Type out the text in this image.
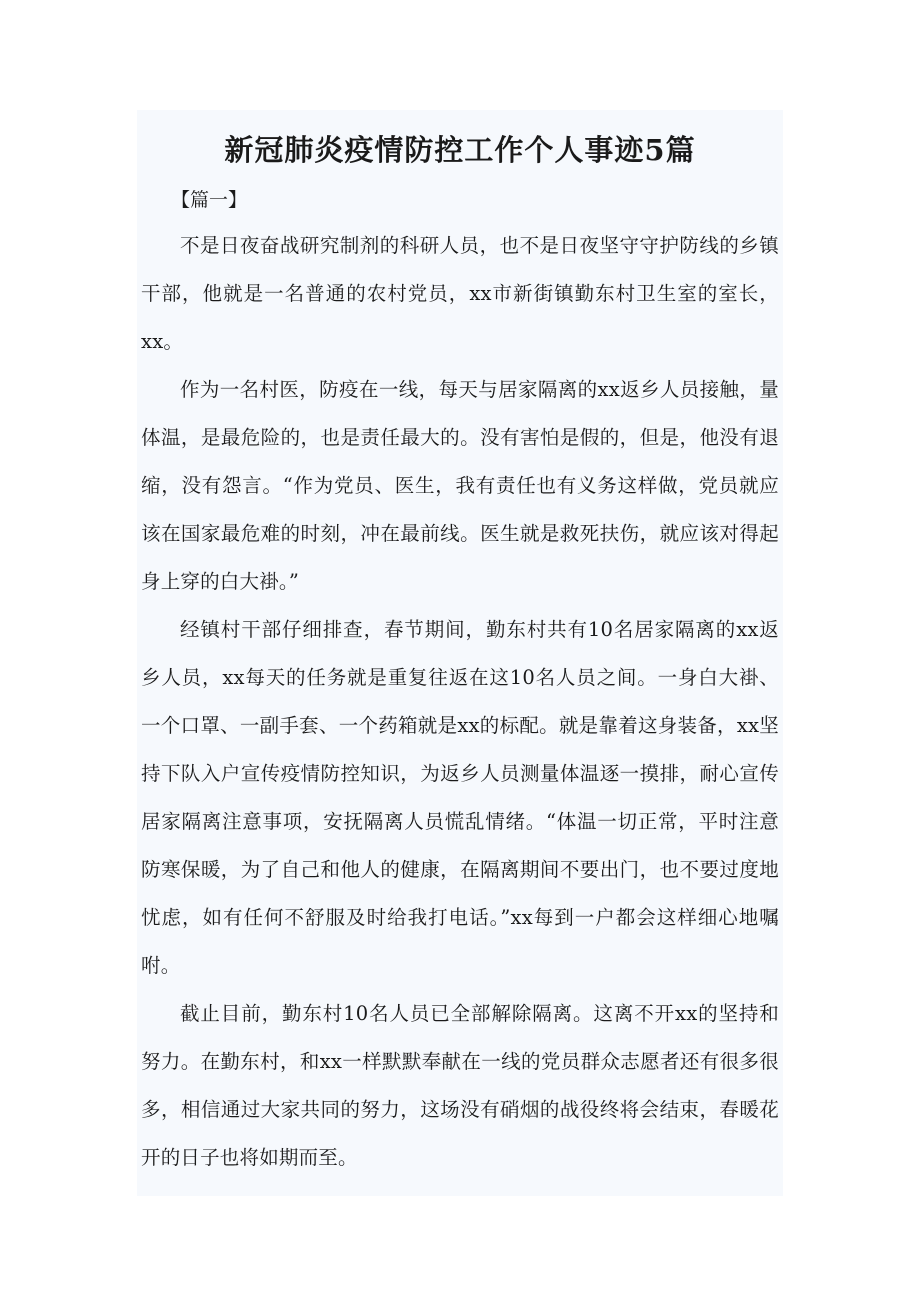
新冠肺炎疫情防控工作个人事迹5篇

【篇一】

不是日夜奋战研究制剂的科研人员，也不是日夜坚守守护防线的乡镇干部，他就是一名普通的农村党员，xx市新街镇勤东村卫生室的室长，xx。

作为一名村医，防疫在一线，每天与居家隔离的xx返乡人员接触，量体温，是最危险的，也是责任最大的。没有害怕是假的，但是，他没有退缩，没有怨言。“作为党员、医生，我有责任也有义务这样做，党员就应该在国家最危难的时刻，冲在最前线。医生就是救死扶伤，就应该对得起身上穿的白大褂。”

经镇村干部仔细排查，春节期间，勤东村共有10名居家隔离的xx返乡人员，xx每天的任务就是重复往返在这10名人员之间。一身白大褂、一个口罩、一副手套、一个药箱就是xx的标配。就是靠着这身装备，xx坚持下队入户宣传疫情防控知识，为返乡人员测量体温逐一摸排，耐心宣传居家隔离注意事项，安抚隔离人员慌乱情绪。“体温一切正常，平时注意防寒保暖，为了自己和他人的健康，在隔离期间不要出门，也不要过度地忧虑，如有任何不舒服及时给我打电话。”xx每到一户都会这样细心地嘱咐。

截止目前，勤东村10名人员已全部解除隔离。这离不开xx的坚持和努力。在勤东村，和xx一样默默奉献在一线的党员群众志愿者还有很多很多，相信通过大家共同的努力，这场没有硝烟的战役终将会结束，春暖花开的日子也将如期而至。
